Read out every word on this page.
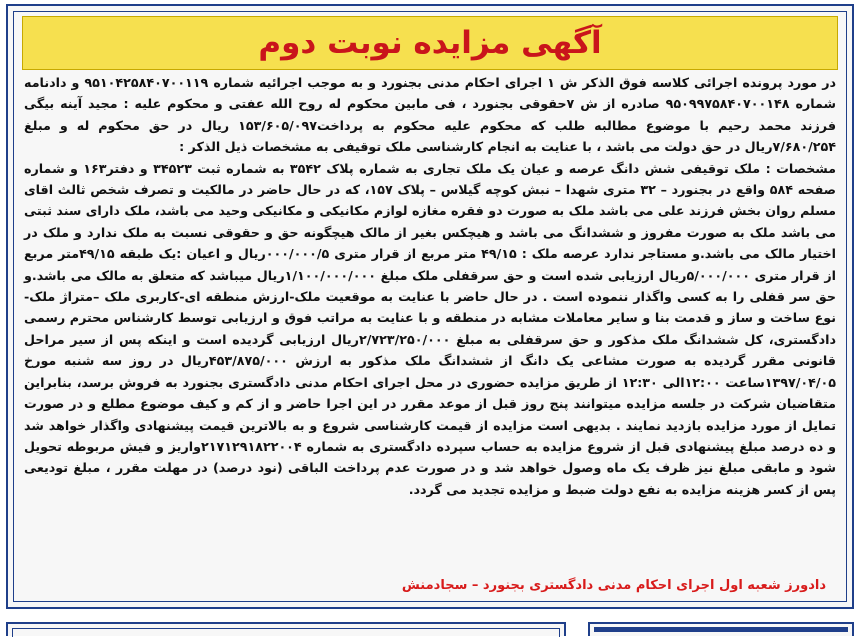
آگهی مزایده نوبت دوم

در مورد پرونده اجرائی کلاسه فوق الذکر ش ۱ اجرای احکام مدنی بجنورد و به موجب اجرائیه شماره ۹۵۱۰۴۲۵۸۴۰۷۰۰۱۱۹ و دادنامه شماره ۹۵۰۹۹۷۵۸۴۰۷۰۰۱۴۸ صادره از ش ۷حقوقی بجنورد ، فی مابین محکوم له روح الله عفتی و محکوم علیه : مجید آینه بیگی فرزند محمد رحیم با موضوع مطالبه طلب که محکوم علیه محکوم به پرداخت۱۵۳/۶۰۵/۰۹۷ ریال در حق محکوم له و مبلغ ۷/۶۸۰/۲۵۴ریال در حق دولت می باشد ، با عنایت به انجام کارشناسی ملک توقیفی به مشخصات ذیل الذکر :

مشخصات : ملک توقیفی شش دانگ عرصه و عیان یک ملک تجاری به شماره پلاک ۳۵۴۲ به شماره ثبت ۳۴۵۲۳ و دفتر۱۶۳ و شماره صفحه ۵۸۴ واقع در بجنورد – ۳۲ متری شهدا – نبش کوچه گیلاس – پلاک ۱۵۷، که در حال حاضر در مالکیت و تصرف شخص ثالث اقای مسلم روان بخش فرزند علی می باشد ملک به صورت دو فقره مغازه لوازم مکانیکی و مکانیکی وحید می باشد، ملک دارای سند ثبتی می باشد ملک به صورت مفروز و ششدانگ می باشد و هیچکس بغیر از مالک هیچگونه حق و حقوقی نسبت به ملک ندارد و ملک در اختیار مالک می باشد.و مستاجر ندارد عرصه ملک : ۴۹/۱۵ متر مربع از قرار متری ۰۰۰/۰۰۰/۵ریال و اعیان :یک طبقه ۴۹/۱۵متر مربع از قرار متری ۵/۰۰۰/۰۰۰ریال ارزیابی شده است و حق سرقفلی ملک مبلغ ۱/۱۰۰/۰۰۰/۰۰۰ریال میباشد که متعلق به مالک می باشد.و حق سر قفلی را به کسی واگذار ننموده است . در حال حاضر با عنایت به موقعیت ملک-ارزش منطقه ای-کاربری ملک –متراژ ملک-نوع ساخت و ساز و قدمت بنا و سایر معاملات مشابه در منطقه و با عنایت به مراتب فوق و ارزیابی توسط کارشناس محترم رسمی دادگستری، کل ششدانگ ملک مذکور و حق سرقفلی به مبلغ ۲/۷۲۳/۲۵۰/۰۰۰ریال ارزیابی گردیده است و اینکه پس از سیر مراحل قانونی مقرر گردیده به صورت مشاعی یک دانگ از ششدانگ ملک مذکور به ارزش ۴۵۳/۸۷۵/۰۰۰ریال در روز سه شنبه مورخ ۱۳۹۷/۰۴/۰۵ساعت ۱۲:۰۰الی ۱۲:۳۰ از طریق مزایده حضوری در محل اجرای احکام مدنی دادگستری بجنورد به فروش برسد، بنابراین متقاضیان شرکت در جلسه مزایده میتوانند پنج روز قبل از موعد مقرر در این اجرا حاضر و از کم و کیف موضوع مطلع و در صورت تمایل از مورد مزایده بازدید نمایند . بدیهی است مزایده از قیمت کارشناسی شروع و به بالاترین قیمت پیشنهادی واگذار خواهد شد و ده درصد مبلغ پیشنهادی قبل از شروع مزایده به حساب سپرده دادگستری به شماره ۲۱۷۱۲۹۱۸۲۲۰۰۴واریز و فیش مربوطه تحویل شود و مابقی مبلغ نیز ظرف یک ماه وصول خواهد شد و در صورت عدم پرداخت الباقی (نود درصد) در مهلت مقرر ، مبلغ تودیعی پس از کسر هزینه مزایده به نفع دولت ضبط و مزایده تجدید می گردد.

دادورز شعبه اول اجرای احکام مدنی دادگستری بجنورد – سجادمنش
